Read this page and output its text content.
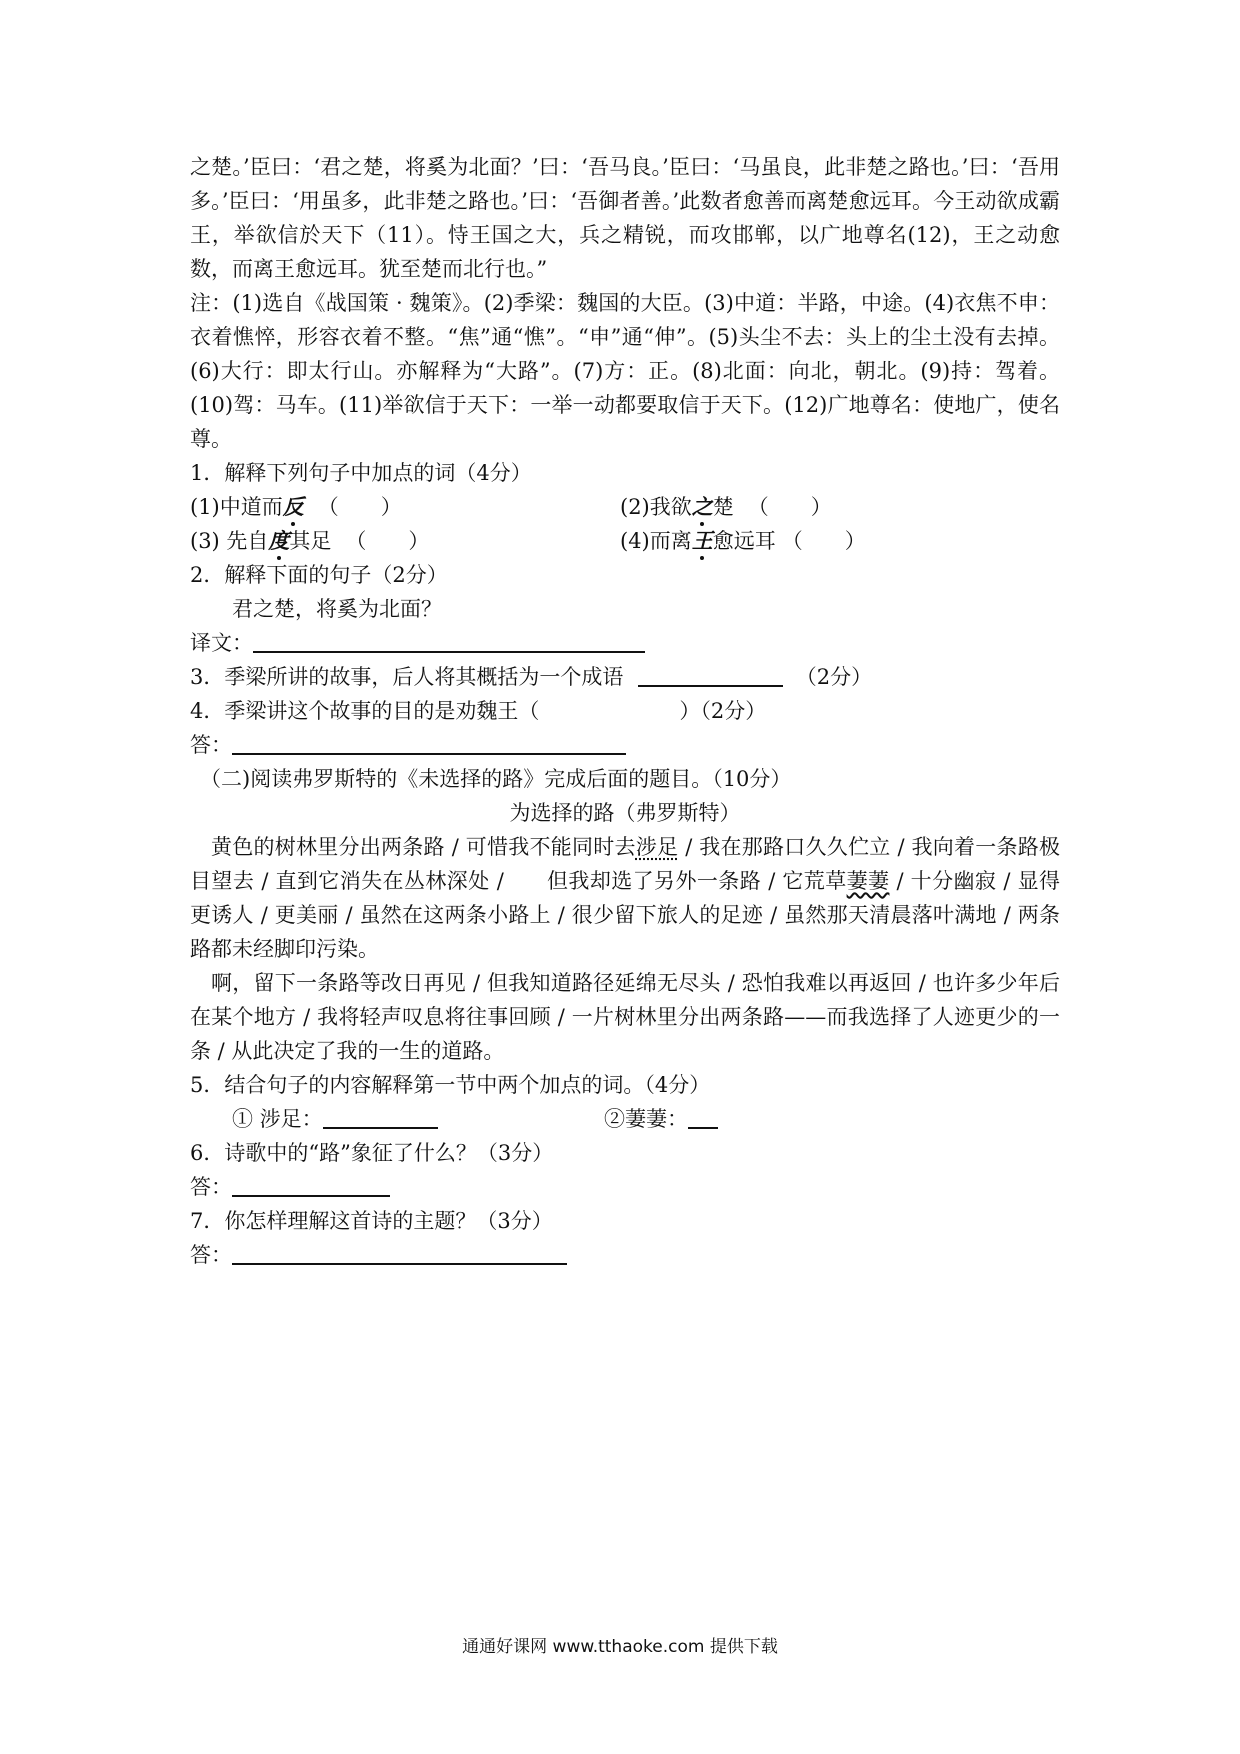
之楚。’臣曰：‘君之楚，将奚为北面？’曰：‘吾马良。’臣曰：‘马虽良，此非楚之路也。’曰：‘吾用多。’臣曰：‘用虽多，此非楚之路也。’曰：‘吾御者善。’此数者愈善而离楚愈远耳。今王动欲成霸王，举欲信於天下（11）。恃王国之大，兵之精锐，而攻邯郸，以广地尊名(12)，王之动愈数，而离王愈远耳。犹至楚而北行也。”

注：(1)选自《战国策 · 魏策》。(2)季梁：魏国的大臣。(3)中道：半路，中途。(4)衣焦不申：衣着憔悴，形容衣着不整。“焦”通“憔”。“申”通“伸”。(5)头尘不去：头上的尘土没有去掉。(6)大行：即太行山。亦解释为“大路”。(7)方：正。(8)北面：向北，朝北。(9)持：驾着。(10)驾：马车。(11)举欲信于天下：一举一动都要取信于天下。(12)广地尊名：使地广，使名尊。

1．解释下列句子中加点的词（4分）
(1)中道而反 （　　）	(2)我欲之楚 （　　）
(3) 先自度其足 （　　）	(4)而离王愈远耳 （　　）
2．解释下面的句子（2分）
君之楚，将奚为北面？
译文：
3．季梁所讲的故事，后人将其概括为一个成语	（2分）
4．季梁讲这个故事的目的是劝魏王（	）（2分）
答：
（二)阅读弗罗斯特的《未选择的路》完成后面的题目。（10分）
为选择的路（弗罗斯特）

黄色的树林里分出两条路 / 可惜我不能同时去涉足 / 我在那路口久久伫立 / 我向着一条路极目望去 / 直到它消失在丛林深处 /　　但我却选了另外一条路 / 它荒草萋萋 / 十分幽寂 / 显得更诱人 / 更美丽 / 虽然在这两条小路上 / 很少留下旅人的足迹 / 虽然那天清晨落叶满地 / 两条路都未经脚印污染。

啊，留下一条路等改日再见 / 但我知道路径延绵无尽头 / 恐怕我难以再返回 / 也许多少年后在某个地方 / 我将轻声叹息将往事回顾 / 一片树林里分出两条路——而我选择了人迹更少的一条 / 从此决定了我的一生的道路。

5．结合句子的内容解释第一节中两个加点的词。（4分）
① 涉足：	②萋萋：
6．诗歌中的“路”象征了什么？（3分）
答：
7．你怎样理解这首诗的主题？（3分）
答：
通通好课网 www.tthaoke.com 提供下载
